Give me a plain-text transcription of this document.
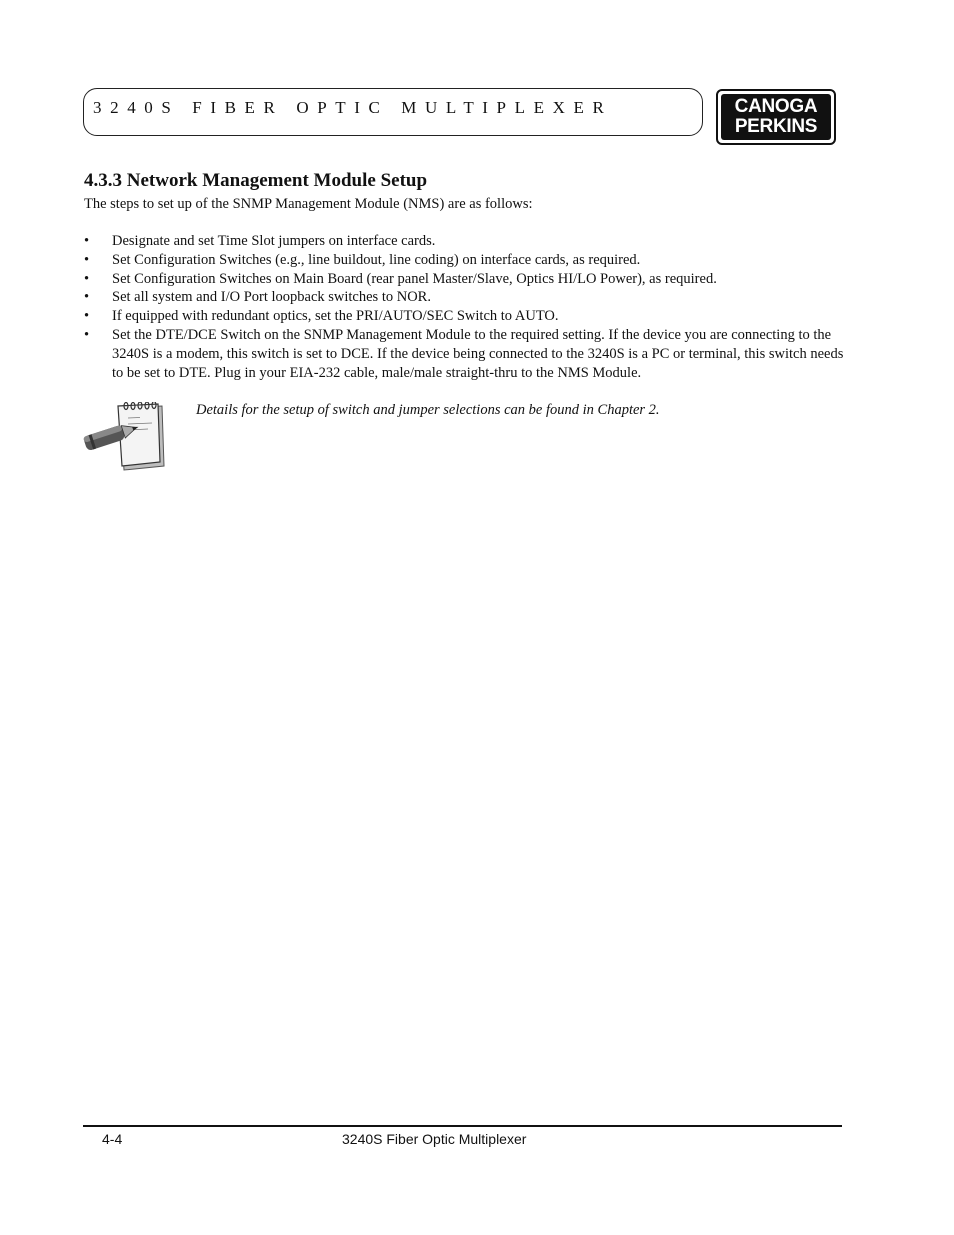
3240S FIBER OPTIC MULTIPLEXER	CANOGA
PERKINS
4.3.3 Network Management Module Setup
The steps to set up of the SNMP Management Module (NMS) are as follows:
• Designate and set Time Slot jumpers on interface cards.
• Set Configuration Switches (e.g., line buildout, line coding) on interface cards, as required.
• Set Configuration Switches on Main Board (rear panel Master/Slave, Optics HI/LO Power), as required.
• Set all system and I/O Port loopback switches to NOR.
• If equipped with redundant optics, set the PRI/AUTO/SEC Switch to AUTO.
• Set the DTE/DCE Switch on the SNMP Management Module to the required setting. If the device you are connecting to the 3240S is a modem, this switch is set to DCE. If the device being connected to the 3240S is a PC or terminal, this switch needs to be set to DTE. Plug in your EIA-232 cable, male/male straight-thru to the NMS Module.
Details for the setup of switch and jumper selections can be found in Chapter 2.
4-4	3240S Fiber Optic Multiplexer
